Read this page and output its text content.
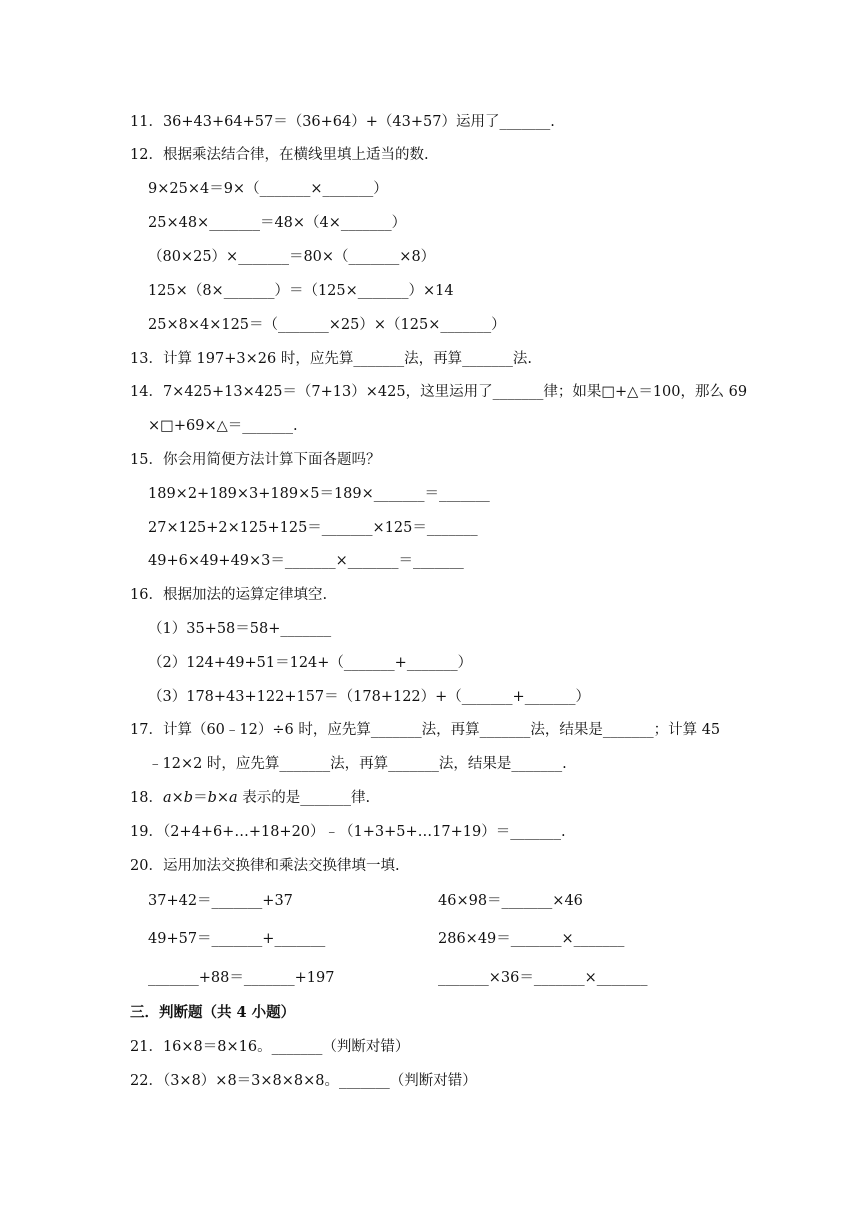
11．36+43+64+57＝（36+64）+（43+57）运用了_______.
12．根据乘法结合律，在横线里填上适当的数.
9×25×4＝9×（_______×_______）
25×48×_______＝48×（4×_______）
（80×25）×_______＝80×（_______×8）
125×（8×_______）＝（125×_______）×14
25×8×4×125＝（_______×25）×（125×_______）
13．计算 197+3×26 时，应先算_______法，再算_______法.
14．7×425+13×425＝（7+13）×425，这里运用了_______律；如果□+△＝100，那么 69
×□+69×△＝_______.
15．你会用简便方法计算下面各题吗？
189×2+189×3+189×5＝189×_______＝_______
27×125+2×125+125＝_______×125＝_______
49+6×49+49×3＝_______×_______＝_______
16．根据加法的运算定律填空.
（1）35+58＝58+_______
（2）124+49+51＝124+（_______+_______）
（3）178+43+122+157＝（178+122）+（_______+_______）
17．计算（60﹣12）÷6 时，应先算_______法，再算_______法，结果是_______；计算 45
﹣12×2 时，应先算_______法，再算_______法，结果是_______.
18．a×b＝b×a 表示的是_______律.
19．（2+4+6+…+18+20）﹣（1+3+5+…17+19）＝_______.
20．运用加法交换律和乘法交换律填一填.
37+42＝_______+37	46×98＝_______×46
49+57＝_______+_______	286×49＝_______×_______
_______+88＝_______+197	_______×36＝_______×_______
三．判断题（共 4 小题）
21．16×8＝8×16。_______（判断对错）
22．（3×8）×8＝3×8×8×8。_______（判断对错）
